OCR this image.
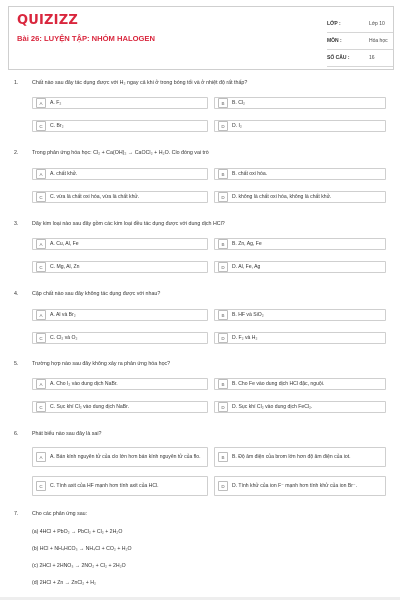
QUIZIZZ
Bài 26: LUYỆN TẬP: NHÓM HALOGEN
LỚP :	Lớp 10
MÔN :	Hóa học
SỐ CÂU :	16
1.	Chất nào sau đây tác dụng được với H₂ ngay cả khi ở trong bóng tối và ở nhiệt độ rất thấp?
A	A. F₂	B	B. Cl₂
C	C. Br₂	D	D. I₂
2.	Trong phản ứng hóa học: Cl₂ + Ca(OH)₂ → CaOCl₂ + H₂O. Clo đóng vai trò
A	A. chất khử.	B	B. chất oxi hóa.
C	C. vừa là chất oxi hóa, vừa là chất khử.	D	D. không là chất oxi hóa, không là chất khử.
3.	Dãy kim loại nào sau đây gồm các kim loại đều tác dụng được với dung dịch HCl?
A	A. Cu, Al, Fe	B	B. Zn, Ag, Fe
C	C. Mg, Al, Zn	D	D. Al, Fe, Ag
4.	Cặp chất nào sau đây không tác dụng được với nhau?
A	A. Al và Br₂	B	B. HF và SiO₂
C	C. Cl₂ và O₂	D	D. F₂ và H₂
5.	Trường hợp nào sau đây không xảy ra phản ứng hóa học?
A	A. Cho I₂ vào dung dịch NaBr.	B	B. Cho Fe vào dung dịch HCl đặc, nguội.
C	C. Sục khí Cl₂ vào dung dịch NaBr.	D	D. Sục khí Cl₂ vào dung dịch FeCl₂.
6.	Phát biểu nào sau đây là sai?
A	A. Bán kính nguyên tử của clo lớn hơn bán kính nguyên tử của flo.	B	B. Độ âm điện của brom lớn hơn độ âm điện của iot.
C	C. Tính axit của HF mạnh hơn tính axit của HCl.	D	D. Tính khử của ion F⁻ mạnh hơn tính khử của ion Br⁻.
7.	Cho các phản ứng sau:
(a) 4HCl + PbO₂ → PbCl₂ + Cl₂ + 2H₂O
(b) HCl + NH₄HCO₃ → NH₄Cl + CO₂ + H₂O
(c) 2HCl + 2HNO₃ → 2NO₂ + Cl₂ + 2H₂O
(d) 2HCl + Zn → ZnCl₂ + H₂
